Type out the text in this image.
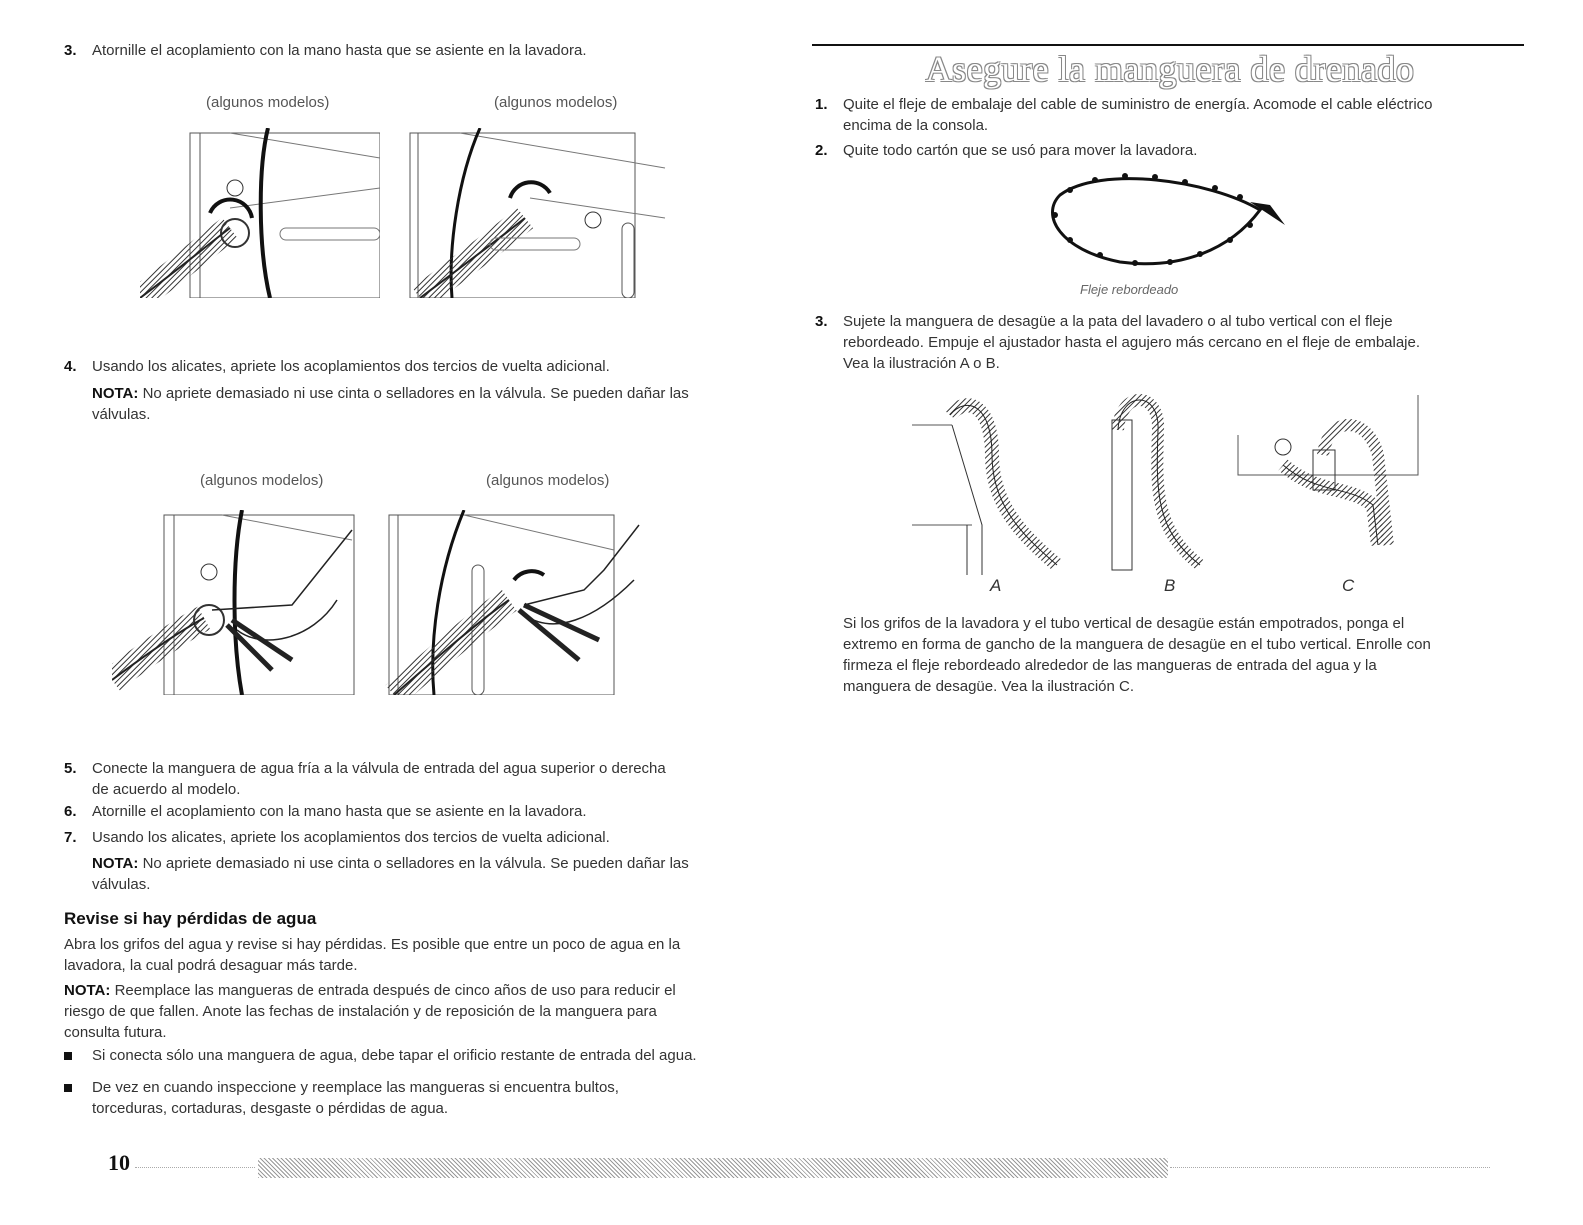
3. Atornille el acoplamiento con la mano hasta que se asiente en la lavadora.
(algunos modelos)	(algunos modelos)
4. Usando los alicates, apriete los acoplamientos dos tercios de vuelta adicional.
NOTA: No apriete demasiado ni use cinta o selladores en la válvula. Se pueden dañar las
válvulas.
(algunos modelos)	(algunos modelos)
5. Conecte la manguera de agua fría a la válvula de entrada del agua superior o derecha
de acuerdo al modelo.
6. Atornille el acoplamiento con la mano hasta que se asiente en la lavadora.
7. Usando los alicates, apriete los acoplamientos dos tercios de vuelta adicional.
NOTA: No apriete demasiado ni use cinta o selladores en la válvula. Se pueden dañar las
válvulas.
Revise si hay pérdidas de agua
Abra los grifos del agua y revise si hay pérdidas. Es posible que entre un poco de agua en la
lavadora, la cual podrá desaguar más tarde.
NOTA: Reemplace las mangueras de entrada después de cinco años de uso para reducir el
riesgo de que fallen. Anote las fechas de instalación y de reposición de la manguera para
consulta futura.
Si conecta sólo una manguera de agua, debe tapar el orificio restante de entrada del agua.
De vez en cuando inspeccione y reemplace las mangueras si encuentra bultos,
torceduras, cortaduras, desgaste o pérdidas de agua.
Asegure la manguera de drenado
1. Quite el fleje de embalaje del cable de suministro de energía. Acomode el cable eléctrico
encima de la consola.
2. Quite todo cartón que se usó para mover la lavadora.
Fleje rebordeado
3. Sujete la manguera de desagüe a la pata del lavadero o al tubo vertical con el fleje
rebordeado. Empuje el ajustador hasta el agujero más cercano en el fleje de embalaje.
Vea la ilustración A o B.
A	B	C
Si los grifos de la lavadora y el tubo vertical de desagüe están empotrados, ponga el
extremo en forma de gancho de la manguera de desagüe en el tubo vertical. Enrolle con
firmeza el fleje rebordeado alrededor de las mangueras de entrada del agua y la
manguera de desagüe. Vea la ilustración C.
10
